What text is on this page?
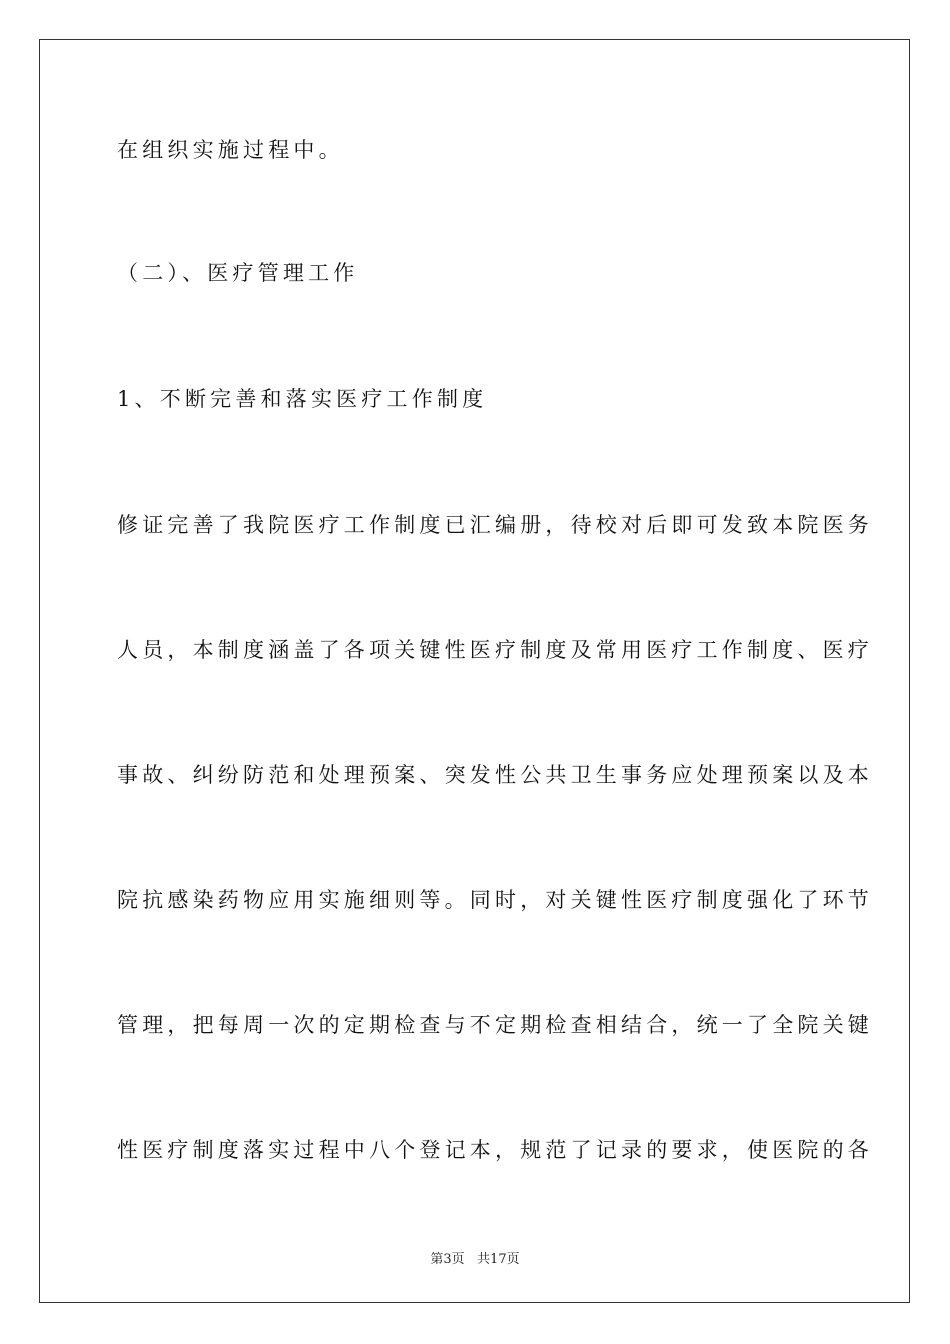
在组织实施过程中。
（二）、医疗管理工作
1、不断完善和落实医疗工作制度
修证完善了我院医疗工作制度已汇编册，待校对后即可发致本院医务
人员，本制度涵盖了各项关键性医疗制度及常用医疗工作制度、医疗
事故、纠纷防范和处理预案、突发性公共卫生事务应处理预案以及本
院抗感染药物应用实施细则等。同时，对关键性医疗制度强化了环节
管理，把每周一次的定期检查与不定期检查相结合，统一了全院关键
性医疗制度落实过程中八个登记本，规范了记录的要求，使医院的各
第3页   共17页
